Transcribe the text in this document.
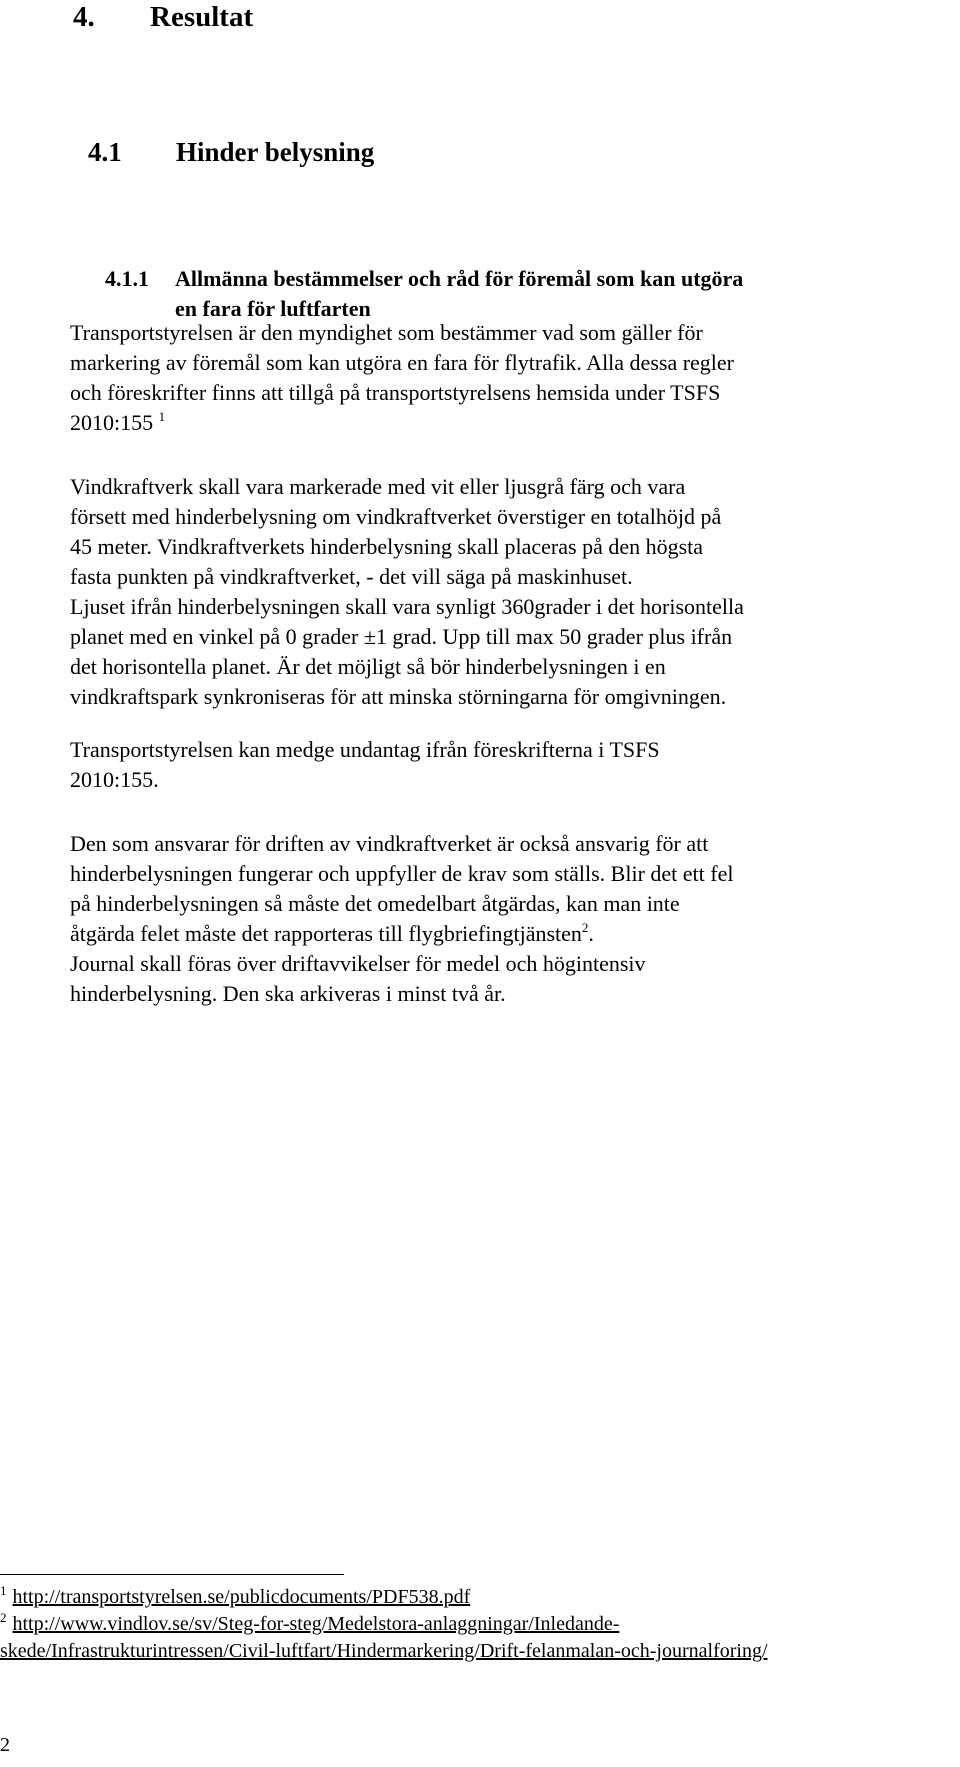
4. Resultat
4.1 Hinder belysning
4.1.1 Allmänna bestämmelser och råd för föremål som kan utgöra
en fara för luftfarten
Transportstyrelsen är den myndighet som bestämmer vad som gäller för
markering av föremål som kan utgöra en fara för flytrafik. Alla dessa regler
och föreskrifter finns att tillgå på transportstyrelsens hemsida under TSFS
2010:155 $^1$
Vindkraftverk skall vara markerade med vit eller ljusgrå färg och vara
försett med hinderbelysning om vindkraftverket överstiger en totalhöjd på
45 meter. Vindkraftverkets hinderbelysning skall placeras på den högsta
fasta punkten på vindkraftverket, - det vill säga på maskinhuset.
Ljuset ifrån hinderbelysningen skall vara synligt 360grader i det horisontella
planet med en vinkel på 0 grader ±1 grad. Upp till max 50 grader plus ifrån
det horisontella planet. Är det möjligt så bör hinderbelysningen i en
vindkraftspark synkroniseras för att minska störningarna för omgivningen.
Transportstyrelsen kan medge undantag ifrån föreskrifterna i TSFS
2010:155.
Den som ansvarar för driften av vindkraftverket är också ansvarig för att
hinderbelysningen fungerar och uppfyller de krav som ställs. Blir det ett fel
på hinderbelysningen så måste det omedelbart åtgärdas, kan man inte
åtgärda felet måste det rapporteras till flygbriefingtjänsten$^2$.
Journal skall föras över driftavvikelser för medel och högintensiv
hinderbelysning. Den ska arkiveras i minst två år.
$^1$ http://transportstyrelsen.se/publicdocuments/PDF538.pdf
$^2$ http://www.vindlov.se/sv/Steg-for-steg/Medelstora-anlaggningar/Inledande-
skede/Infrastrukturintressen/Civil-luftfart/Hindermarkering/Drift-felanmalan-och-journalforing/
2
